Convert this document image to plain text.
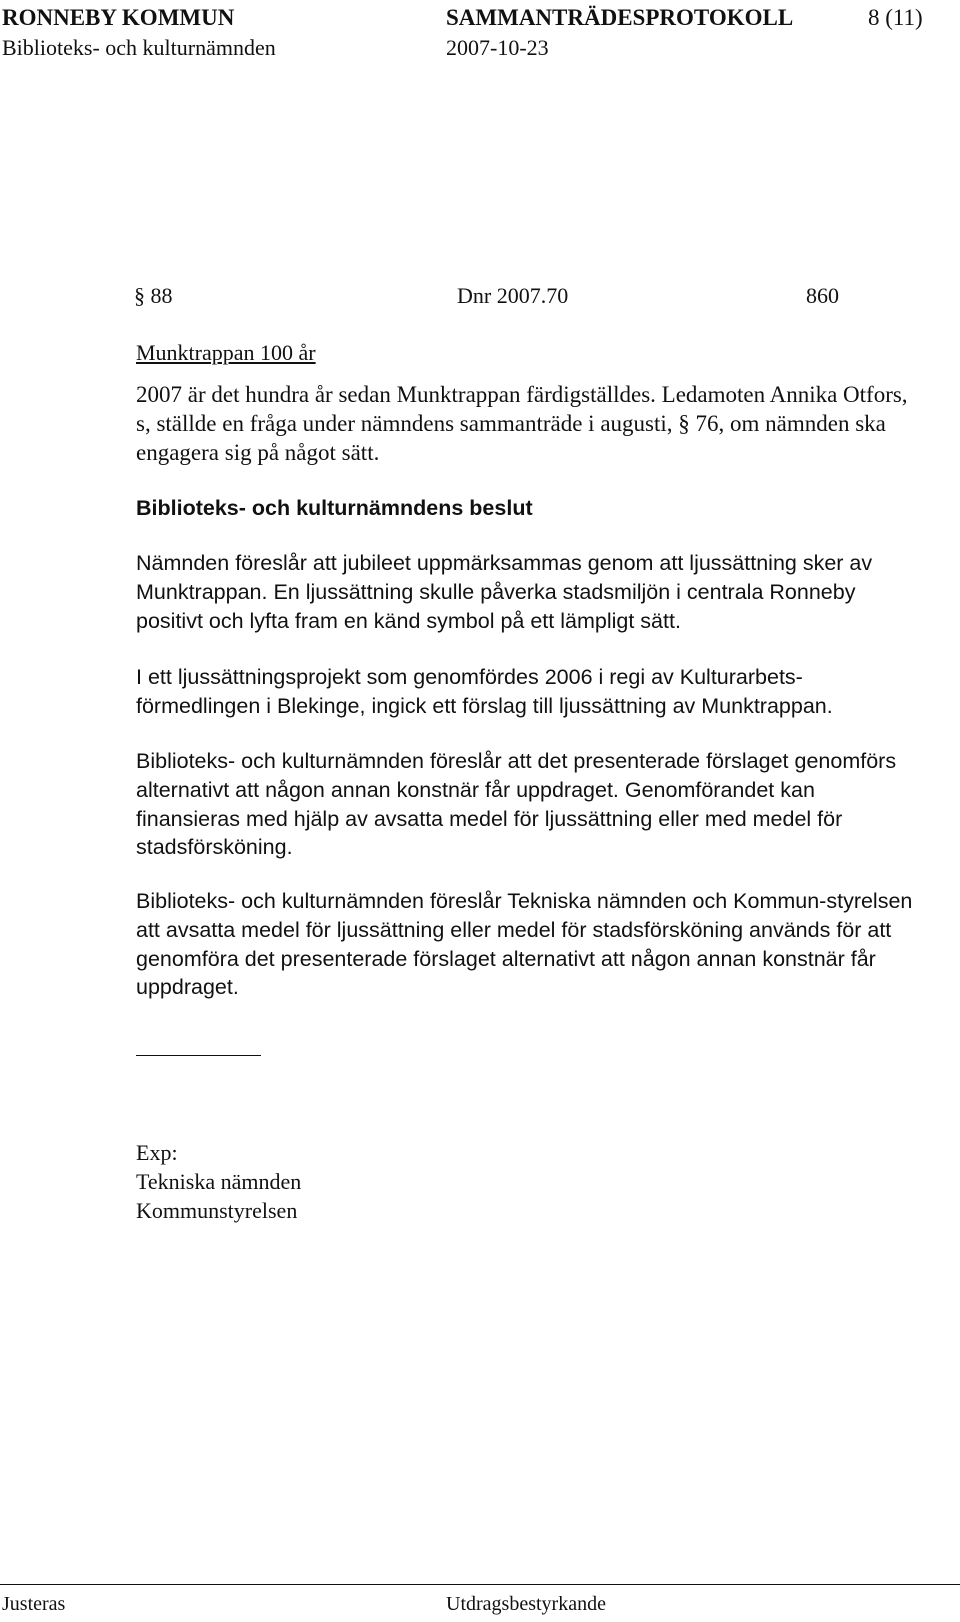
RONNEBY KOMMUN	SAMMANTRÄDESPROTOKOLL	8 (11)
Biblioteks- och kulturnämnden	2007-10-23
§ 88	Dnr 2007.70	860
Munktrappan 100 år

2007 är det hundra år sedan Munktrappan färdigställdes. Ledamoten Annika Otfors, s, ställde en fråga under nämndens sammanträde i augusti, § 76, om nämnden ska engagera sig på något sätt.

Biblioteks- och kulturnämndens beslut

Nämnden föreslår att jubileet uppmärksammas genom att ljussättning sker av Munktrappan. En ljussättning skulle påverka stadsmiljön i centrala Ronneby positivt och lyfta fram en känd symbol på ett lämpligt sätt.

I ett ljussättningsprojekt som genomfördes 2006 i regi av Kulturarbets-förmedlingen i Blekinge, ingick ett förslag till ljussättning av Munktrappan.

Biblioteks- och kulturnämnden föreslår att det presenterade förslaget genomförs alternativt att någon annan konstnär får uppdraget. Genomförandet kan finansieras med hjälp av avsatta medel för ljussättning eller med medel för stadsförsköning.

Biblioteks- och kulturnämnden föreslår Tekniska nämnden och Kommun-styrelsen att avsatta medel för ljussättning eller medel för stadsförsköning används för att genomföra det presenterade förslaget alternativt att någon annan konstnär får uppdraget.

Exp:
Tekniska nämnden
Kommunstyrelsen
Justeras	Utdragsbestyrkande
